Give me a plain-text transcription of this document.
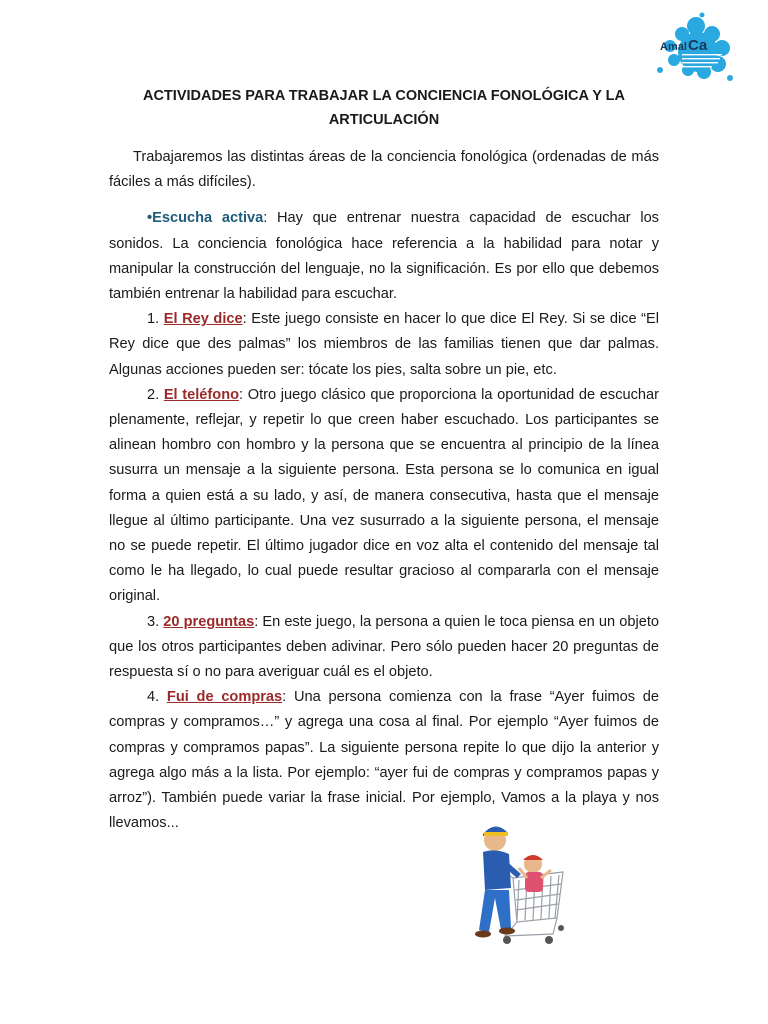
Amal Ca
ACTIVIDADES PARA TRABAJAR LA CONCIENCIA FONOLÓGICA Y LA ARTICULACIÓN

Trabajaremos las distintas áreas de la conciencia fonológica (ordenadas de más fáciles a más difíciles).

•Escucha activa: Hay que entrenar nuestra capacidad de escuchar los sonidos. La conciencia fonológica hace referencia a la habilidad para notar y manipular la construcción del lenguaje, no la significación. Es por ello que debemos también entrenar la habilidad para escuchar.

1. El Rey dice: Este juego consiste en hacer lo que dice El Rey. Si se dice “El Rey dice que des palmas” los miembros de las familias tienen que dar palmas. Algunas acciones pueden ser: tócate los pies, salta sobre un pie, etc.

2. El teléfono: Otro juego clásico que proporciona la oportunidad de escuchar plenamente, reflejar, y repetir lo que creen haber escuchado. Los participantes se alinean hombro con hombro y la persona que se encuentra al principio de la línea susurra un mensaje a la siguiente persona. Esta persona se lo comunica en igual forma a quien está a su lado, y así, de manera consecutiva, hasta que el mensaje llegue al último participante. Una vez susurrado a la siguiente persona, el mensaje no se puede repetir. El último jugador dice en voz alta el contenido del mensaje tal como le ha llegado, lo cual puede resultar gracioso al compararla con el mensaje original.

3. 20 preguntas: En este juego, la persona a quien le toca piensa en un objeto que los otros participantes deben adivinar. Pero sólo pueden hacer 20 preguntas de respuesta sí o no para averiguar cuál es el objeto.

4. Fui de compras: Una persona comienza con la frase “Ayer fuimos de compras y compramos…” y agrega una cosa al final. Por ejemplo “Ayer fuimos de compras y compramos papas”. La siguiente persona repite lo que dijo la anterior y agrega algo más a la lista. Por ejemplo: “ayer fui de compras y compramos papas y arroz”). También puede variar la frase inicial. Por ejemplo, Vamos a la playa y nos llevamos...
